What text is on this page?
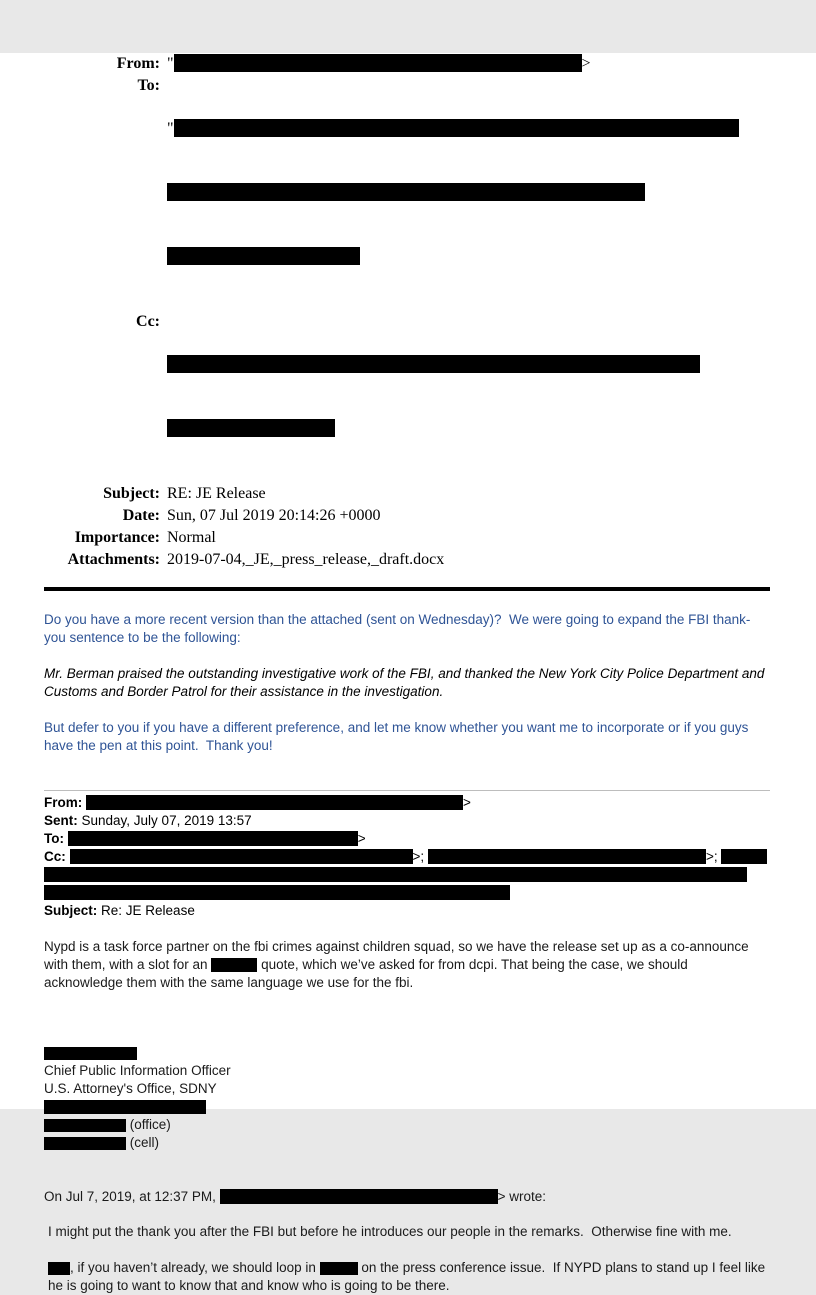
From: "	>
To:

"

Cc:

Subject: RE: JE Release
Date: Sun, 07 Jul 2019 20:14:26 +0000
Importance: Normal
Attachments: 2019-07-04,_JE,_press_release,_draft.docx
Do you have a more recent version than the attached (sent on Wednesday)?  We were going to expand the FBI thank-you sentence to be the following:
Mr. Berman praised the outstanding investigative work of the FBI, and thanked the New York City Police Department and Customs and Border Patrol for their assistance in the investigation.
But defer to you if you have a different preference, and let me know whether you want me to incorporate or if you guys have the pen at this point.  Thank you!
From:	>
Sent: Sunday, July 07, 2019 13:57
To:	>
Cc:	>;	>;
Subject: Re: JE Release
Nypd is a task force partner on the fbi crimes against children squad, so we have the release set up as a co-announce with them, with a slot for an	quote, which we’ve asked for from dcpi. That being the case, we should acknowledge them with the same language we use for the fbi.
Chief Public Information Officer
U.S. Attorney's Office, SDNY
(office)
(cell)
On Jul 7, 2019, at 12:37 PM,	> wrote:
I might put the thank you after the FBI but before he introduces our people in the remarks.  Otherwise fine with me.
, if you haven’t already, we should loop in	on the press conference issue.  If NYPD plans to stand up I feel like he is going to want to know that and know who is going to be there.
